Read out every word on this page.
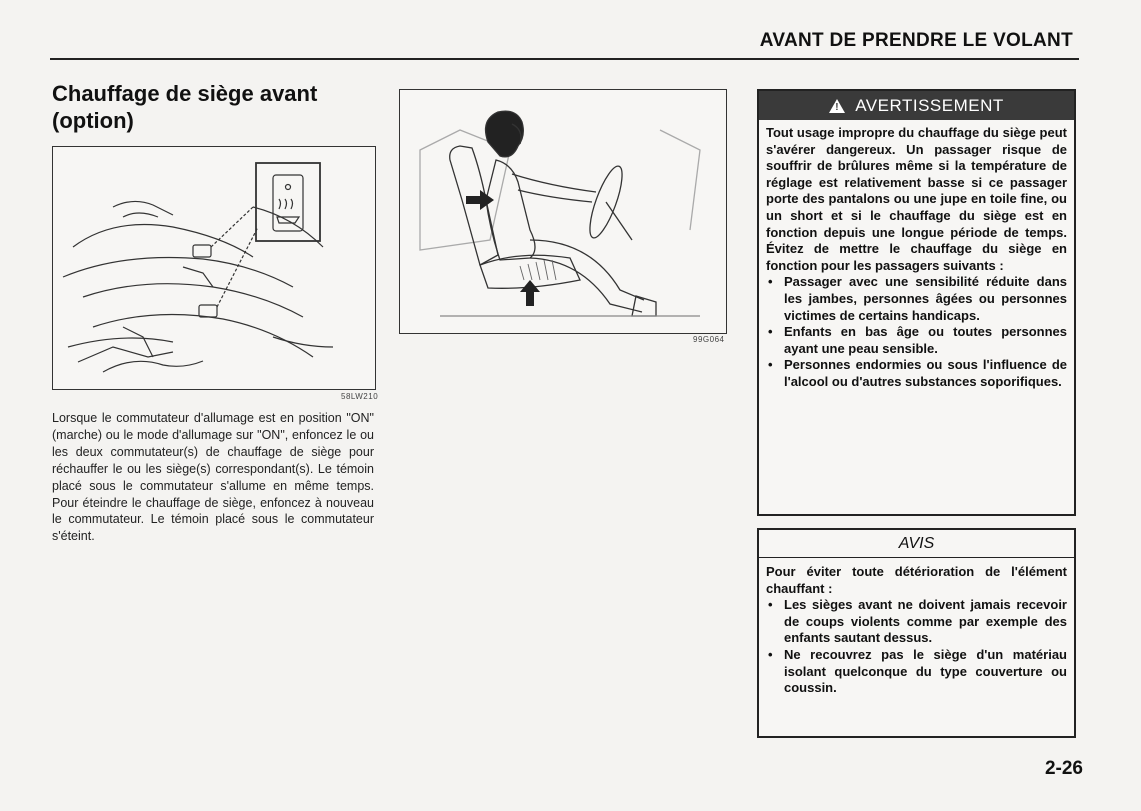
AVANT DE PRENDRE LE VOLANT
Chauffage de siège avant
(option)
58LW210
99G064
Lorsque le commutateur d'allumage est en position "ON" (marche) ou le mode d'allumage sur "ON", enfoncez le ou les deux commutateur(s) de chauffage de siège pour réchauffer le ou les siège(s) correspondant(s). Le témoin placé sous le commutateur s'allume en même temps. Pour éteindre le chauffage de siège, enfoncez à nouveau le commutateur. Le témoin placé sous le commutateur s'éteint.
! AVERTISSEMENT

Tout usage impropre du chauffage du siège peut s'avérer dangereux. Un passager risque de souffrir de brûlures même si la température de réglage est relativement basse si ce passager porte des pantalons ou une jupe en toile fine, ou un short et si le chauffage du siège est en fonction depuis une longue période de temps. Évitez de mettre le chauffage du siège en fonction pour les passagers suivants :

• Passager avec une sensibilité réduite dans les jambes, personnes âgées ou personnes victimes de certains handicaps.
• Enfants en bas âge ou toutes personnes ayant une peau sensible.
• Personnes endormies ou sous l'influence de l'alcool ou d'autres substances soporifiques.
AVIS

Pour éviter toute détérioration de l'élément chauffant :

• Les sièges avant ne doivent jamais recevoir de coups violents comme par exemple des enfants sautant dessus.
• Ne recouvrez pas le siège d'un matériau isolant quelconque du type couverture ou coussin.
2-26
